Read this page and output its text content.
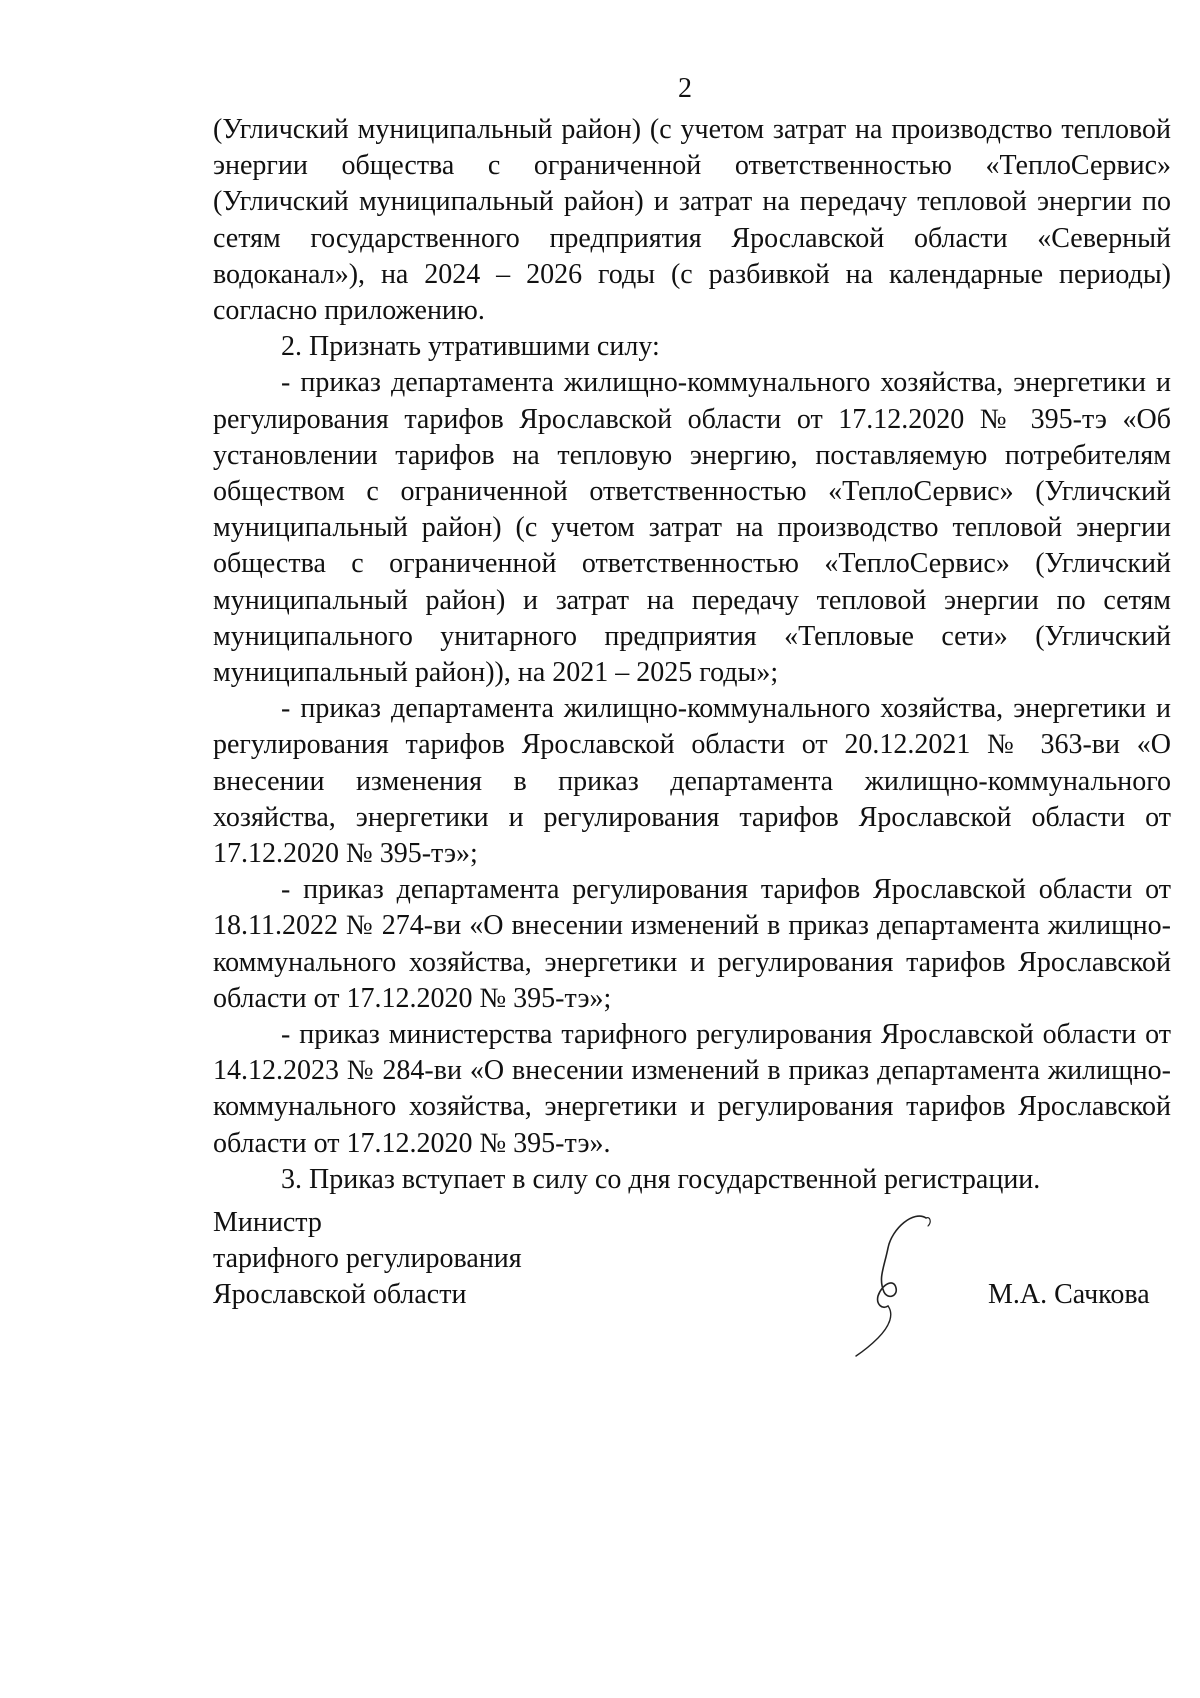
2

(Угличский муниципальный район) (с учетом затрат на производство тепловой энергии общества с ограниченной ответственностью «ТеплоСервис» (Угличский муниципальный район) и затрат на передачу тепловой энергии по сетям государственного предприятия Ярославской области «Северный водоканал»), на 2024 – 2026 годы (с разбивкой на календарные периоды) согласно приложению.

2. Признать утратившими силу:

- приказ департамента жилищно-коммунального хозяйства, энергетики и регулирования тарифов Ярославской области от 17.12.2020 № 395-тэ «Об установлении тарифов на тепловую энергию, поставляемую потребителям обществом с ограниченной ответственностью «ТеплоСервис» (Угличский муниципальный район) (с учетом затрат на производство тепловой энергии общества с ограниченной ответственностью «ТеплоСервис» (Угличский муниципальный район) и затрат на передачу тепловой энергии по сетям муниципального унитарного предприятия «Тепловые сети» (Угличский муниципальный район)), на 2021 – 2025 годы»;

- приказ департамента жилищно-коммунального хозяйства, энергетики и регулирования тарифов Ярославской области от 20.12.2021 № 363-ви «О внесении изменения в приказ департамента жилищно-коммунального хозяйства, энергетики и регулирования тарифов Ярославской области от 17.12.2020 № 395-тэ»;

- приказ департамента регулирования тарифов Ярославской области от 18.11.2022 № 274-ви «О внесении изменений в приказ департамента жилищно-коммунального хозяйства, энергетики и регулирования тарифов Ярославской области от 17.12.2020 № 395-тэ»;

- приказ министерства тарифного регулирования Ярославской области от 14.12.2023 № 284-ви «О внесении изменений в приказ департамента жилищно-коммунального хозяйства, энергетики и регулирования тарифов Ярославской области от 17.12.2020 № 395-тэ».

3. Приказ вступает в силу со дня государственной регистрации.

Министр
тарифного регулирования
Ярославской области	М.А. Сачкова
